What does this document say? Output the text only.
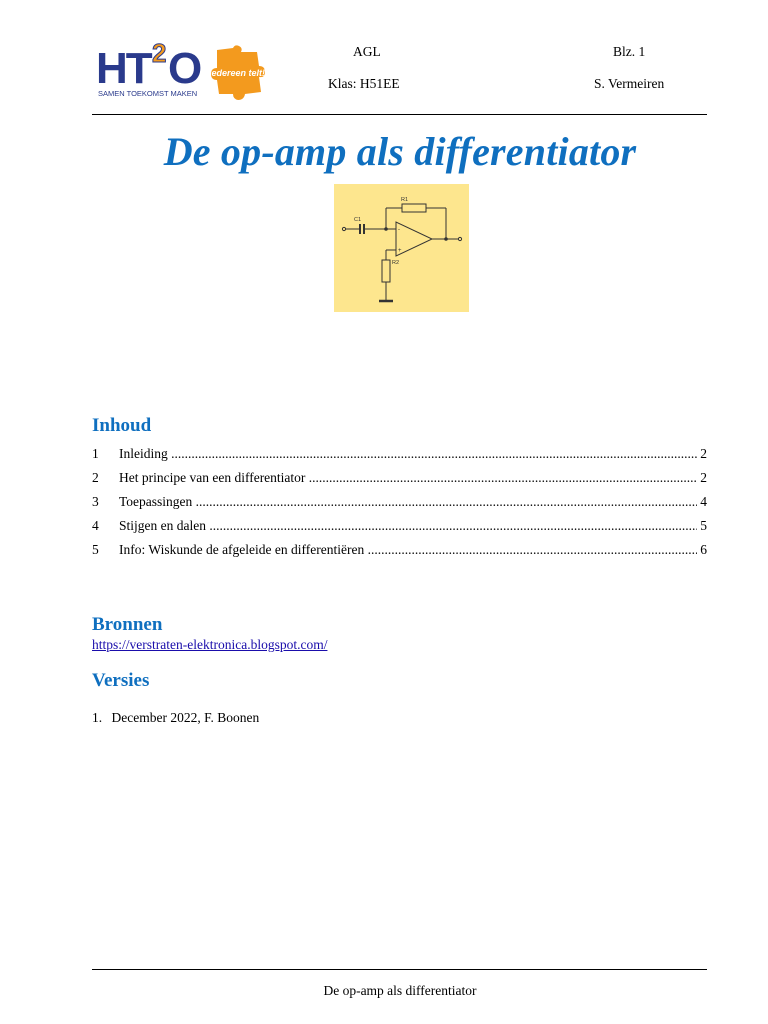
HT 2 O
SAMEN TOEKOMST MAKEN
Iedereen telt!
AGL
Klas: H51EE
Blz. 1
S. Vermeiren
De op-amp als differentiator
R1
C1
R2
-
+
Inhoud
1 Inleiding .....	2
2 Het principe van een differentiator .....	2
3 Toepassingen .....	4
4 Stijgen en dalen .....	5
5 Info: Wiskunde de afgeleide en differentiëren .....	6
Bronnen
https://verstraten-elektronica.blogspot.com/
Versies
1. December 2022, F. Boonen
De op-amp als differentiator
